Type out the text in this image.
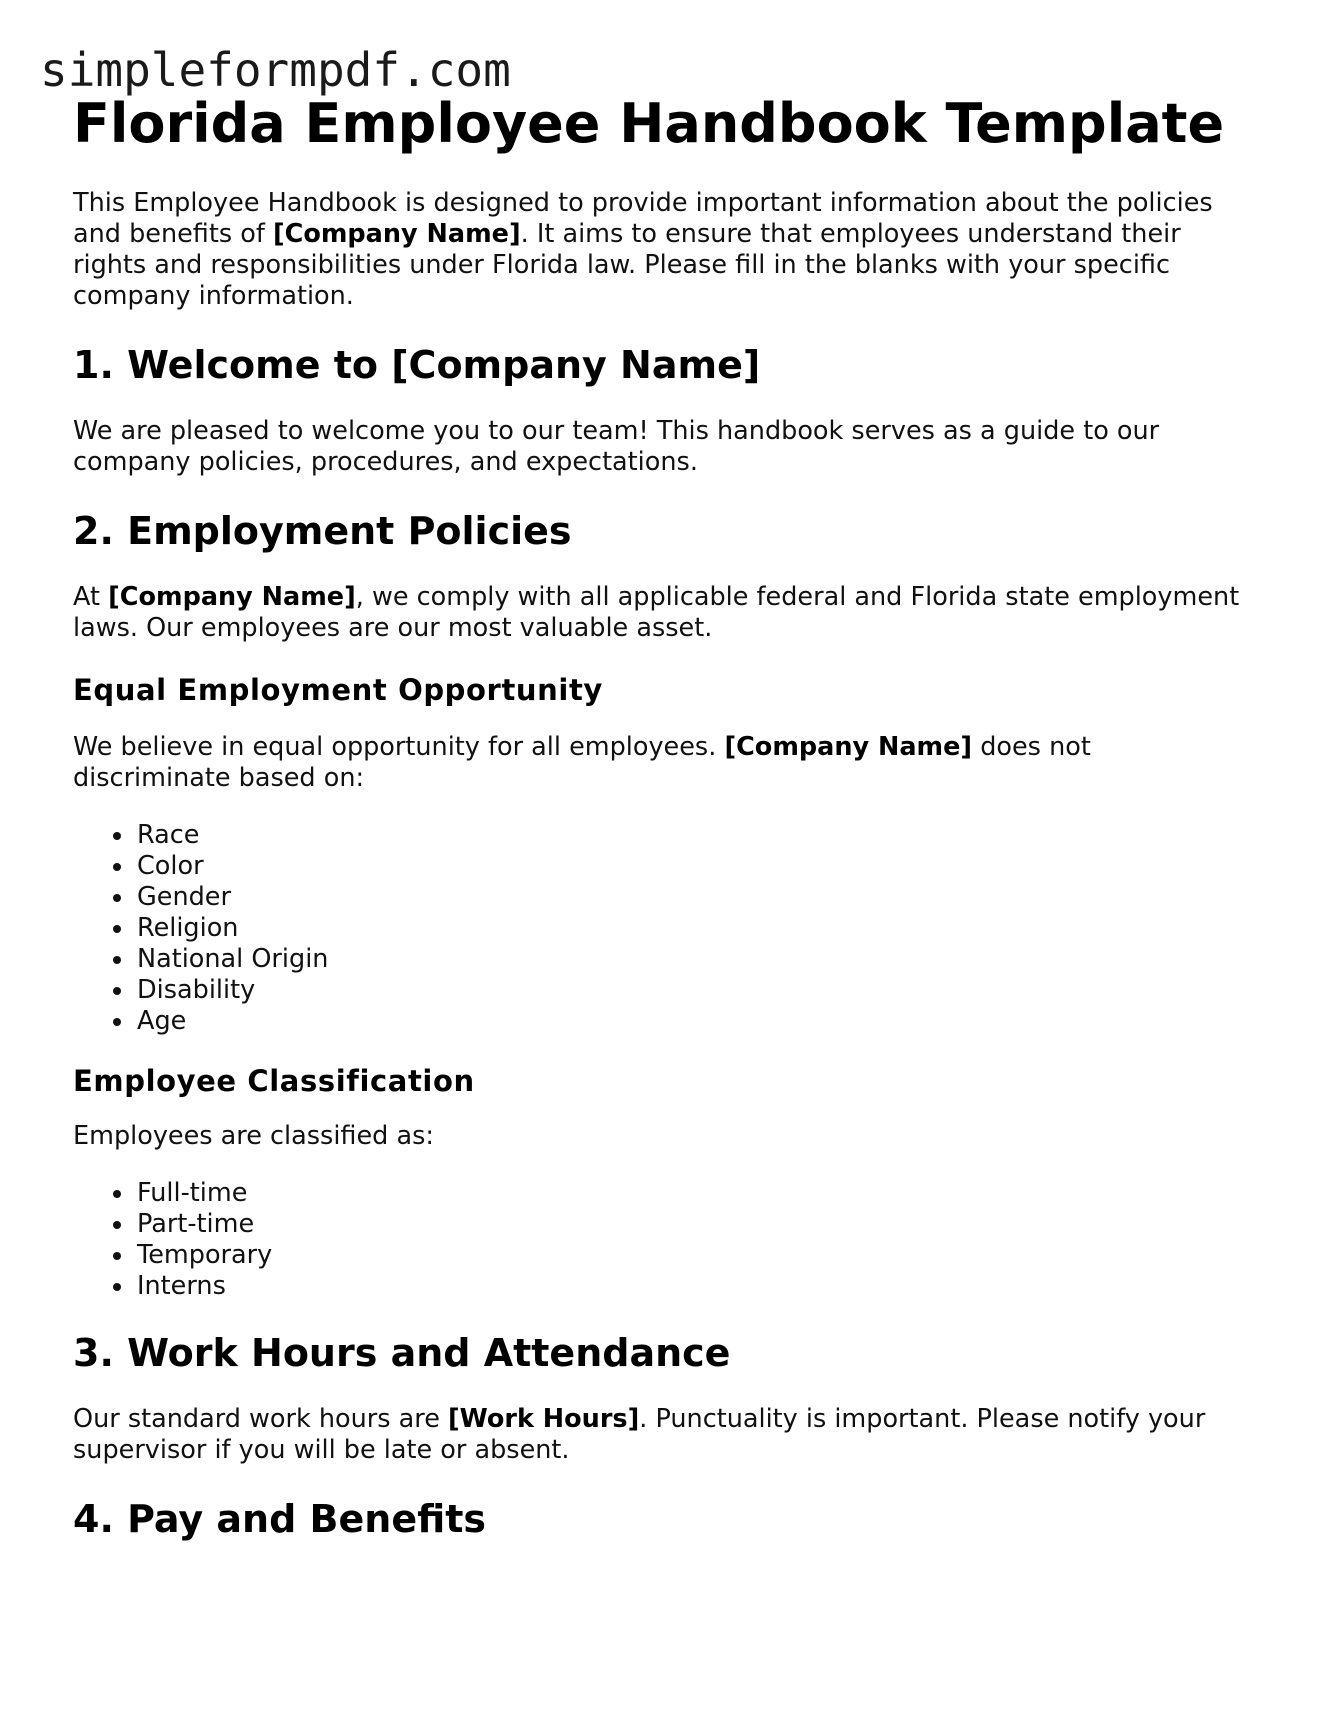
simpleformpdf.com
Florida Employee Handbook Template

This Employee Handbook is designed to provide important information about the policies and benefits of [Company Name]. It aims to ensure that employees understand their rights and responsibilities under Florida law. Please fill in the blanks with your specific company information.

1. Welcome to [Company Name]

We are pleased to welcome you to our team! This handbook serves as a guide to our company policies, procedures, and expectations.

2. Employment Policies

At [Company Name], we comply with all applicable federal and Florida state employment laws. Our employees are our most valuable asset.

Equal Employment Opportunity

We believe in equal opportunity for all employees. [Company Name] does not discriminate based on:

Race
Color
Gender
Religion
National Origin
Disability
Age
Employee Classification

Employees are classified as:

Full-time
Part-time
Temporary
Interns
3. Work Hours and Attendance

Our standard work hours are [Work Hours]. Punctuality is important. Please notify your supervisor if you will be late or absent.

4. Pay and Benefits
